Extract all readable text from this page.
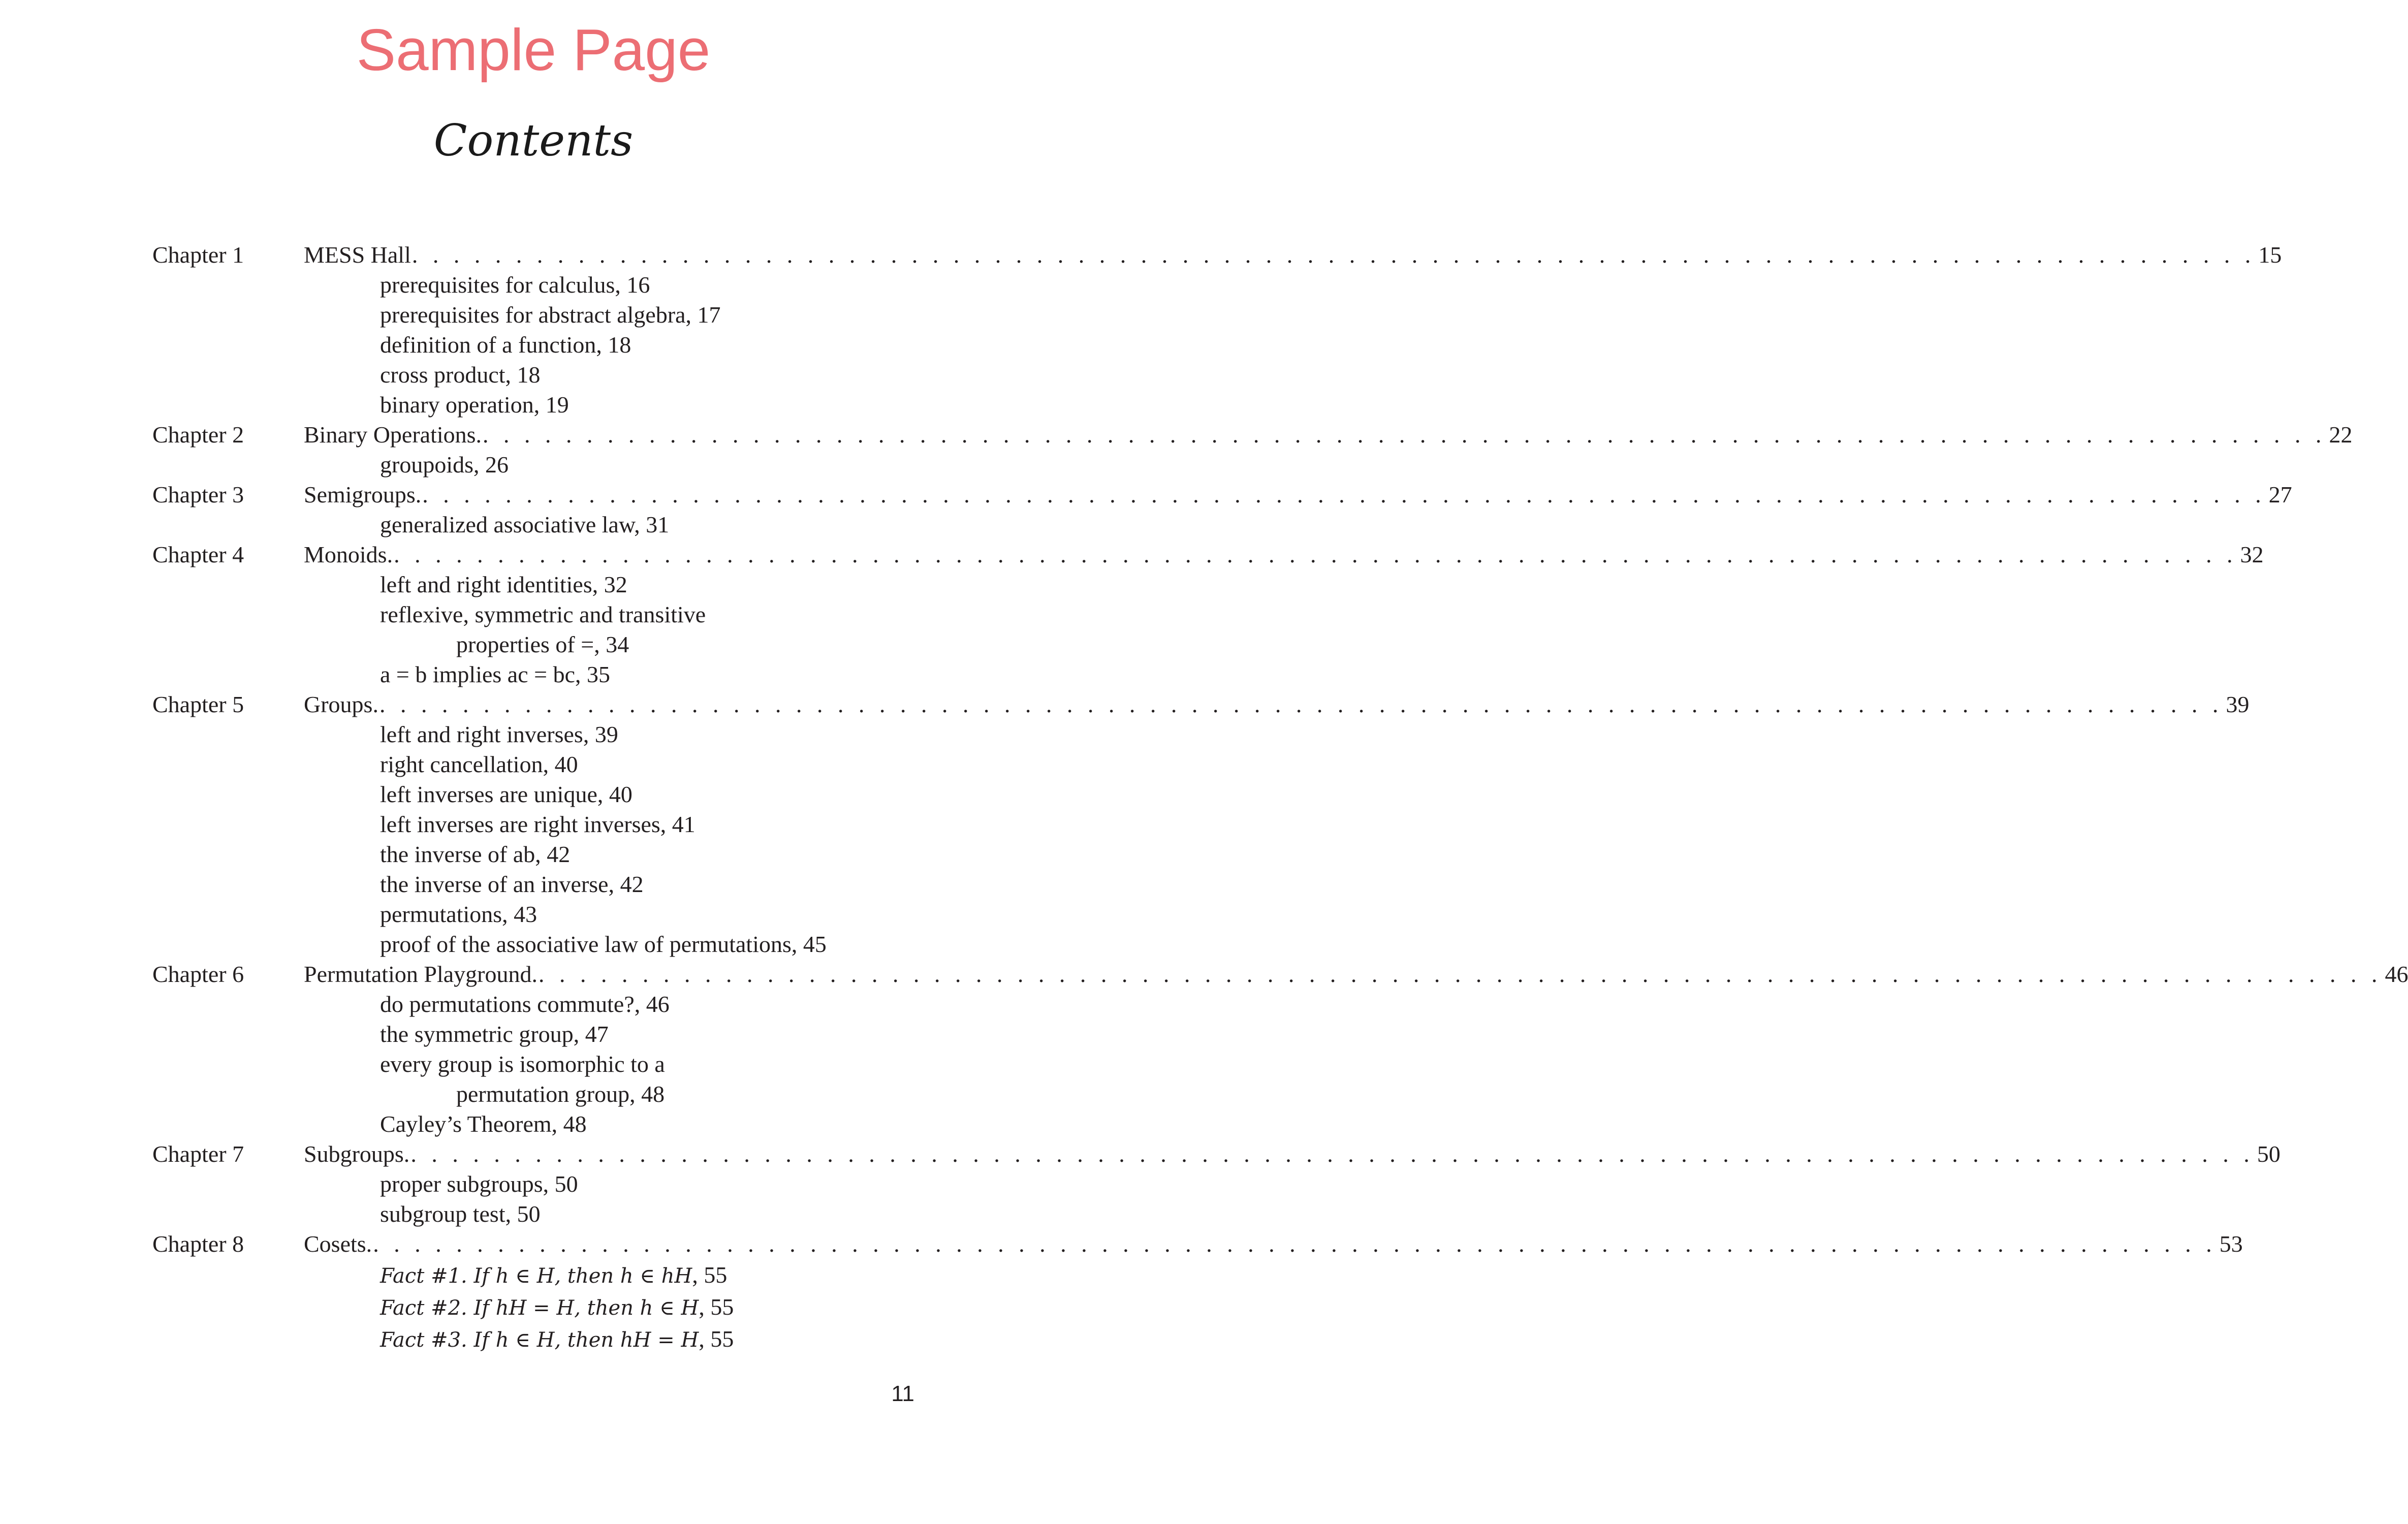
Sample Page
Contents
Chapter 1	MESS Hall . . . . . . . . . . . . . . . . . . . . . . . . . . . . . . . . . . . . . . . . . . . . . . . . . . . . . . . . . . . . . . . . . . . . . . . . . . . . . . . . . . . . . . . . . 15
prerequisites for calculus, 16
prerequisites for abstract algebra, 17
definition of a function, 18
cross product, 18
binary operation, 19
Chapter 2	Binary Operations. . . . . . . . . . . . . . . . . . . . . . . . . . . . . . . . . . . . . . . . . . . . . . . . . . . . . . . . . . . . . . . . . . . . . . . . . . . . . . . . . . . . . . . . . . 22
groupoids, 26
Chapter 3	Semigroups. . . . . . . . . . . . . . . . . . . . . . . . . . . . . . . . . . . . . . . . . . . . . . . . . . . . . . . . . . . . . . . . . . . . . . . . . . . . . . . . . . . . . . . . . . 27
generalized associative law, 31
Chapter 4	Monoids. . . . . . . . . . . . . . . . . . . . . . . . . . . . . . . . . . . . . . . . . . . . . . . . . . . . . . . . . . . . . . . . . . . . . . . . . . . . . . . . . . . . . . . . . . 32
left and right identities, 32
reflexive, symmetric and transitive
properties of =, 34
a = b implies ac = bc, 35
Chapter 5	Groups. . . . . . . . . . . . . . . . . . . . . . . . . . . . . . . . . . . . . . . . . . . . . . . . . . . . . . . . . . . . . . . . . . . . . . . . . . . . . . . . . . . . . . . . . . 39
left and right inverses, 39
right cancellation, 40
left inverses are unique, 40
left inverses are right inverses, 41
the inverse of ab, 42
the inverse of an inverse, 42
permutations, 43
proof of the associative law of permutations, 45
Chapter 6	Permutation Playground. . . . . . . . . . . . . . . . . . . . . . . . . . . . . . . . . . . . . . . . . . . . . . . . . . . . . . . . . . . . . . . . . . . . . . . . . . . . . . . . . . . . . . . . . . 46
do permutations commute?, 46
the symmetric group, 47
every group is isomorphic to a
permutation group, 48
Cayley’s Theorem, 48
Chapter 7	Subgroups. . . . . . . . . . . . . . . . . . . . . . . . . . . . . . . . . . . . . . . . . . . . . . . . . . . . . . . . . . . . . . . . . . . . . . . . . . . . . . . . . . . . . . . . . . 50
proper subgroups, 50
subgroup test, 50
Chapter 8	Cosets. . . . . . . . . . . . . . . . . . . . . . . . . . . . . . . . . . . . . . . . . . . . . . . . . . . . . . . . . . . . . . . . . . . . . . . . . . . . . . . . . . . . . . . . . . 53
Fact #1. If h ∈ H, then h ∈ hH, 55
Fact #2. If hH = H, then h ∈ H, 55
Fact #3. If h ∈ H, then hH = H, 55
11
